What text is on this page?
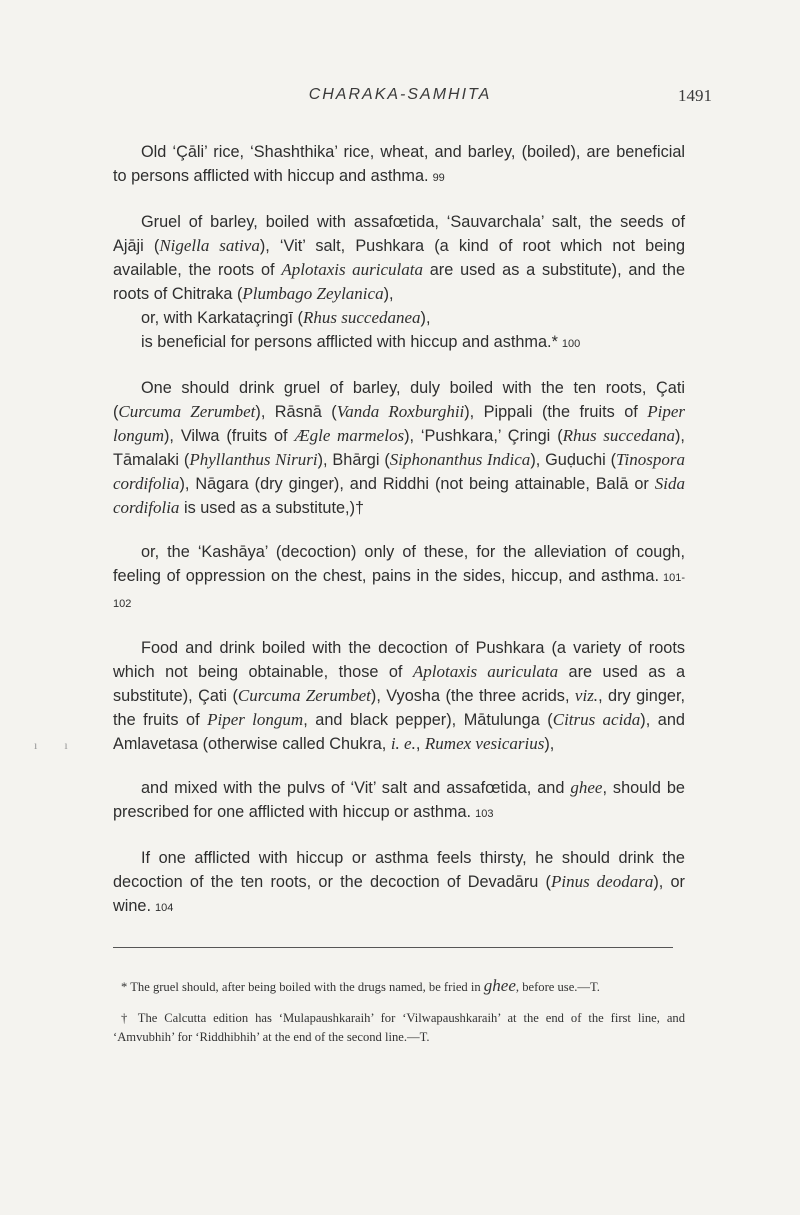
CHARAKA-SAMHITA	1491

Old ‘Çāli’ rice, ‘Shashthika’ rice, wheat, and barley, (boiled), are beneficial to persons afflicted with hiccup and asthma. 99

Gruel of barley, boiled with assafœtida, ‘Sauvarchala’ salt, the seeds of Ajāji (Nigella sativa), ‘Vit’ salt, Pushkara (a kind of root which not being available, the roots of Aplotaxis auriculata are used as a substitute), and the roots of Chitraka (Plumbago Zeylanica),

or, with Karkataçringī (Rhus succedanea),
is beneficial for persons afflicted with hiccup and asthma.* 100

One should drink gruel of barley, duly boiled with the ten roots, Çati (Curcuma Zerumbet), Rāsnā (Vanda Roxburghii), Pippali (the fruits of Piper longum), Vilwa (fruits of Ægle marmelos), ‘Pushkara,’ Çringi (Rhus succedana), Tāmalaki (Phyllanthus Niruri), Bhārgi (Siphonanthus Indica), Guḍuchi (Tinospora cordifolia), Nāgara (dry ginger), and Riddhi (not being attainable, Balā or Sida cordifolia is used as a substitute,)†

or, the ‘Kashāya’ (decoction) only of these, for the alleviation of cough, feeling of oppression on the chest, pains in the sides, hiccup, and asthma. 101-102

Food and drink boiled with the decoction of Pushkara (a variety of roots which not being obtainable, those of Aplotaxis auriculata are used as a substitute), Çati (Curcuma Zerumbet), Vyosha (the three acrids, viz., dry ginger, the fruits of Piper longum, and black pepper), Mātulunga (Citrus acida), and Amlavetasa (otherwise called Chukra, i. e., Rumex vesicarius),

and mixed with the pulvs of ‘Vit’ salt and assafœtida, and ghee, should be prescribed for one afflicted with hiccup or asthma. 103

If one afflicted with hiccup or asthma feels thirsty, he should drink the decoction of the ten roots, or the decoction of Devadāru (Pinus deodara), or wine. 104

ı ı

* The gruel should, after being boiled with the drugs named, be fried in ghee, before use.—T.

† The Calcutta edition has ‘Mulapaushkaraih’ for ‘Vilwapaushkaraih’ at the end of the first line, and ‘Amvubhih’ for ‘Riddhibhih’ at the end of the second line.—T.
